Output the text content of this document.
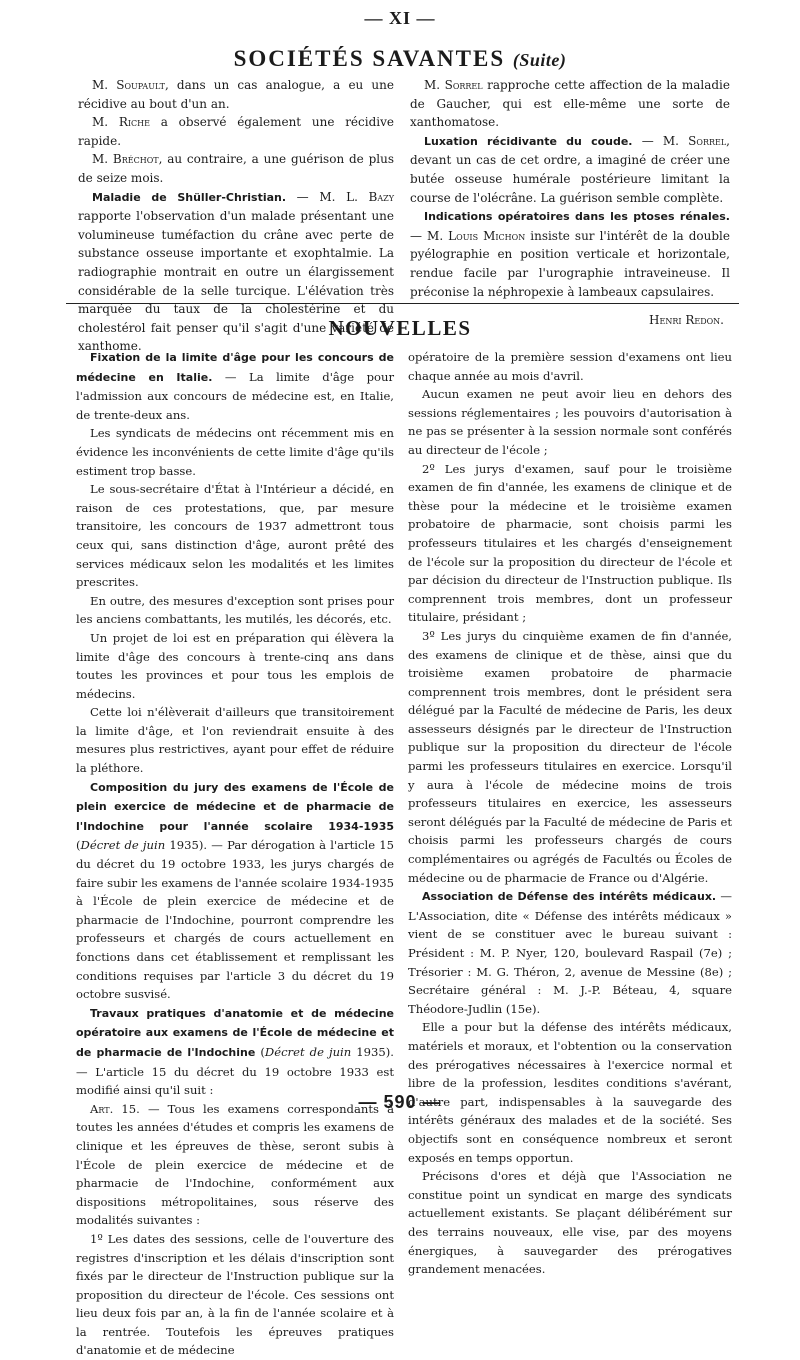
— XI —
SOCIÉTÉS SAVANTES (Suite)

M. Soupault, dans un cas analogue, a eu une récidive au bout d'un an.

M. Riche a observé également une récidive rapide.

M. Bréchot, au contraire, a une guérison de plus de seize mois.

Maladie de Shüller-Christian. — M. L. Bazy rapporte l'observation d'un malade présentant une volumineuse tuméfaction du crâne avec perte de substance osseuse importante et exophtalmie. La radiographie montrait en outre un élargissement considérable de la selle turcique. L'élévation très marquée du taux de la cholestérine et du cholestérol fait penser qu'il s'agit d'une variété de xanthome.

M. Sorrel rapproche cette affection de la maladie de Gaucher, qui est elle-même une sorte de xanthomatose.

Luxation récidivante du coude. — M. Sorrel, devant un cas de cet ordre, a imaginé de créer une butée osseuse humérale postérieure limitant la course de l'olécrâne. La guérison semble complète.

Indications opératoires dans les ptoses rénales. — M. Louis Michon insiste sur l'intérêt de la double pyélographie en position verticale et horizontale, rendue facile par l'urographie intraveineuse. Il préconise la néphropexie à lambeaux capsulaires.

Henri Redon.

NOUVELLES

Fixation de la limite d'âge pour les concours de médecine en Italie. — La limite d'âge pour l'admission aux concours de médecine est, en Italie, de trente-deux ans.

Les syndicats de médecins ont récemment mis en évidence les inconvénients de cette limite d'âge qu'ils estiment trop basse.

Le sous-secrétaire d'État à l'Intérieur a décidé, en raison de ces protestations, que, par mesure transitoire, les concours de 1937 admettront tous ceux qui, sans distinction d'âge, auront prêté des services médicaux selon les modalités et les limites prescrites.

En outre, des mesures d'exception sont prises pour les anciens combattants, les mutilés, les décorés, etc.

Un projet de loi est en préparation qui élèvera la limite d'âge des concours à trente-cinq ans dans toutes les provinces et pour tous les emplois de médecins.

Cette loi n'élèverait d'ailleurs que transitoirement la limite d'âge, et l'on reviendrait ensuite à des mesures plus restrictives, ayant pour effet de réduire la pléthore.

Composition du jury des examens de l'École de plein exercice de médecine et de pharmacie de l'Indochine pour l'année scolaire 1934-1935 (Décret de juin 1935). — Par dérogation à l'article 15 du décret du 19 octobre 1933, les jurys chargés de faire subir les examens de l'année scolaire 1934-1935 à l'École de plein exercice de médecine et de pharmacie de l'Indochine, pourront comprendre les professeurs et chargés de cours actuellement en fonctions dans cet établissement et remplissant les conditions requises par l'article 3 du décret du 19 octobre susvisé.

Travaux pratiques d'anatomie et de médecine opératoire aux examens de l'École de médecine et de pharmacie de l'Indochine (Décret de juin 1935). — L'article 15 du décret du 19 octobre 1933 est modifié ainsi qu'il suit :

Art. 15. — Tous les examens correspondants à toutes les années d'études et compris les examens de clinique et les épreuves de thèse, seront subis à l'École de plein exercice de médecine et de pharmacie de l'Indochine, conformément aux dispositions métropolitaines, sous réserve des modalités suivantes :

1º Les dates des sessions, celle de l'ouverture des registres d'inscription et les délais d'inscription sont fixés par le directeur de l'Instruction publique sur la proposition du directeur de l'école. Ces sessions ont lieu deux fois par an, à la fin de l'année scolaire et à la rentrée. Toutefois les épreuves pratiques d'anatomie et de médecine

opératoire de la première session d'examens ont lieu chaque année au mois d'avril.

Aucun examen ne peut avoir lieu en dehors des sessions réglementaires ; les pouvoirs d'autorisation à ne pas se présenter à la session normale sont conférés au directeur de l'école ;

2º Les jurys d'examen, sauf pour le troisième examen de fin d'année, les examens de clinique et de thèse pour la médecine et le troisième examen probatoire de pharmacie, sont choisis parmi les professeurs titulaires et les chargés d'enseignement de l'école sur la proposition du directeur de l'école et par décision du directeur de l'Instruction publique. Ils comprennent trois membres, dont un professeur titulaire, présidant ;

3º Les jurys du cinquième examen de fin d'année, des examens de clinique et de thèse, ainsi que du troisième examen probatoire de pharmacie comprennent trois membres, dont le président sera délégué par la Faculté de médecine de Paris, les deux assesseurs désignés par le directeur de l'Instruction publique sur la proposition du directeur de l'école parmi les professeurs titulaires en exercice. Lorsqu'il y aura à l'école de médecine moins de trois professeurs titulaires en exercice, les assesseurs seront délégués par la Faculté de médecine de Paris et choisis parmi les professeurs chargés de cours complémentaires ou agrégés de Facultés ou Écoles de médecine ou de pharmacie de France ou d'Algérie.

Association de Défense des intérêts médicaux. — L'Association, dite « Défense des intérêts médicaux » vient de se constituer avec le bureau suivant : Président : M. P. Nyer, 120, boulevard Raspail (7e) ; Trésorier : M. G. Théron, 2, avenue de Messine (8e) ; Secrétaire général : M. J.-P. Béteau, 4, square Théodore-Judlin (15e).

Elle a pour but la défense des intérêts médicaux, matériels et moraux, et l'obtention ou la conservation des prérogatives nécessaires à l'exercice normal et libre de la profession, lesdites conditions s'avérant, d'autre part, indispensables à la sauvegarde des intérêts généraux des malades et de la société. Ses objectifs sont en conséquence nombreux et seront exposés en temps opportun.

Précisons d'ores et déjà que l'Association ne constitue point un syndicat en marge des syndicats actuellement existants. Se plaçant délibérément sur des terrains nouveaux, elle vise, par des moyens énergiques, à sauvegarder des prérogatives grandement menacées.

— 590 —
